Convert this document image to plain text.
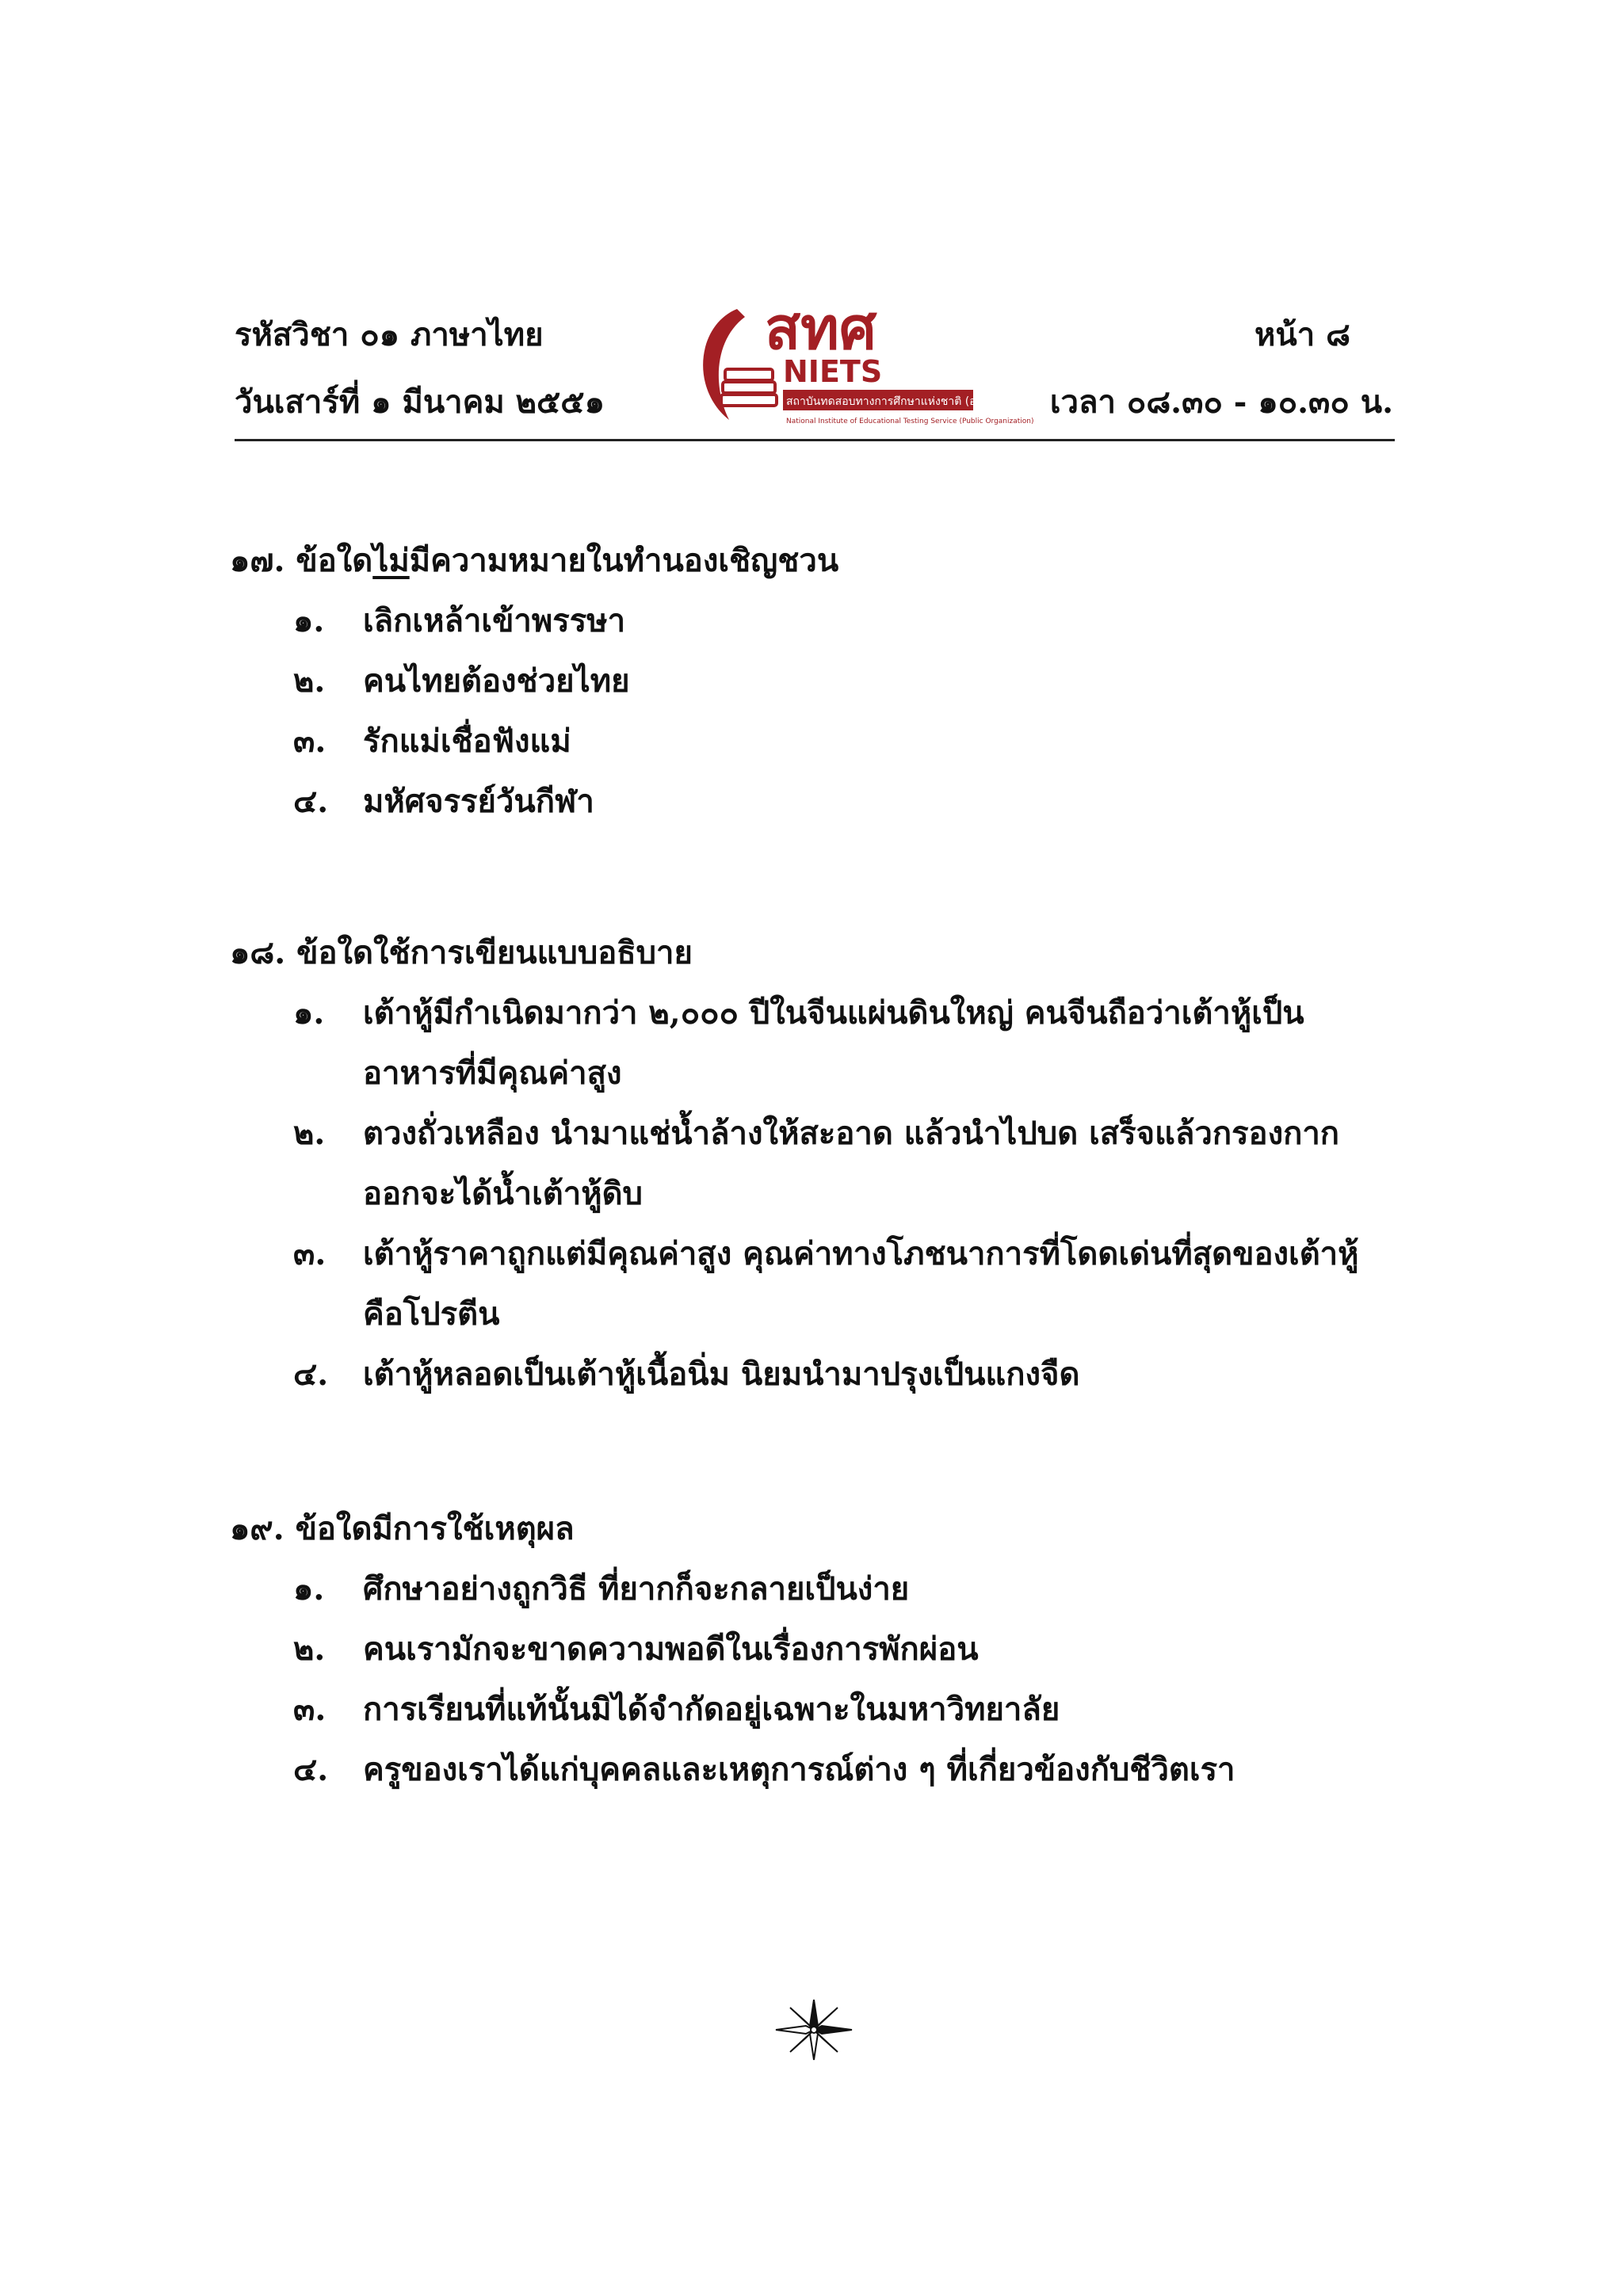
รหัสวิชา ๐๑ ภาษาไทย
วันเสาร์ที่ ๑ มีนาคม ๒๕๕๑
หน้า ๘
เวลา ๐๘.๓๐ - ๑๐.๓๐ น.
สทศ
NIETS
สถาบันทดสอบทางการศึกษาแห่งชาติ (องค์การมหาชน)
National Institute of Educational Testing Service (Public Organization)
๑๗. ข้อใดไม่มีความหมายในทำนองเชิญชวน
๑.	เลิกเหล้าเข้าพรรษา
๒.	คนไทยต้องช่วยไทย
๓.	รักแม่เชื่อฟังแม่
๔.	มหัศจรรย์วันกีฬา
๑๘. ข้อใดใช้การเขียนแบบอธิบาย
๑.	เต้าหู้มีกำเนิดมากว่า ๒,๐๐๐ ปีในจีนแผ่นดินใหญ่ คนจีนถือว่าเต้าหู้เป็นอาหารที่มีคุณค่าสูง
๒.	ตวงถั่วเหลือง นำมาแช่น้ำล้างให้สะอาด แล้วนำไปบด เสร็จแล้วกรองกากออกจะได้น้ำเต้าหู้ดิบ
๓.	เต้าหู้ราคาถูกแต่มีคุณค่าสูง คุณค่าทางโภชนาการที่โดดเด่นที่สุดของเต้าหู้คือโปรตีน
๔.	เต้าหู้หลอดเป็นเต้าหู้เนื้อนิ่ม นิยมนำมาปรุงเป็นแกงจืด
๑๙. ข้อใดมีการใช้เหตุผล
๑.	ศึกษาอย่างถูกวิธี ที่ยากก็จะกลายเป็นง่าย
๒.	คนเรามักจะขาดความพอดีในเรื่องการพักผ่อน
๓.	การเรียนที่แท้นั้นมิได้จำกัดอยู่เฉพาะในมหาวิทยาลัย
๔.	ครูของเราได้แก่บุคคลและเหตุการณ์ต่าง ๆ ที่เกี่ยวข้องกับชีวิตเรา
